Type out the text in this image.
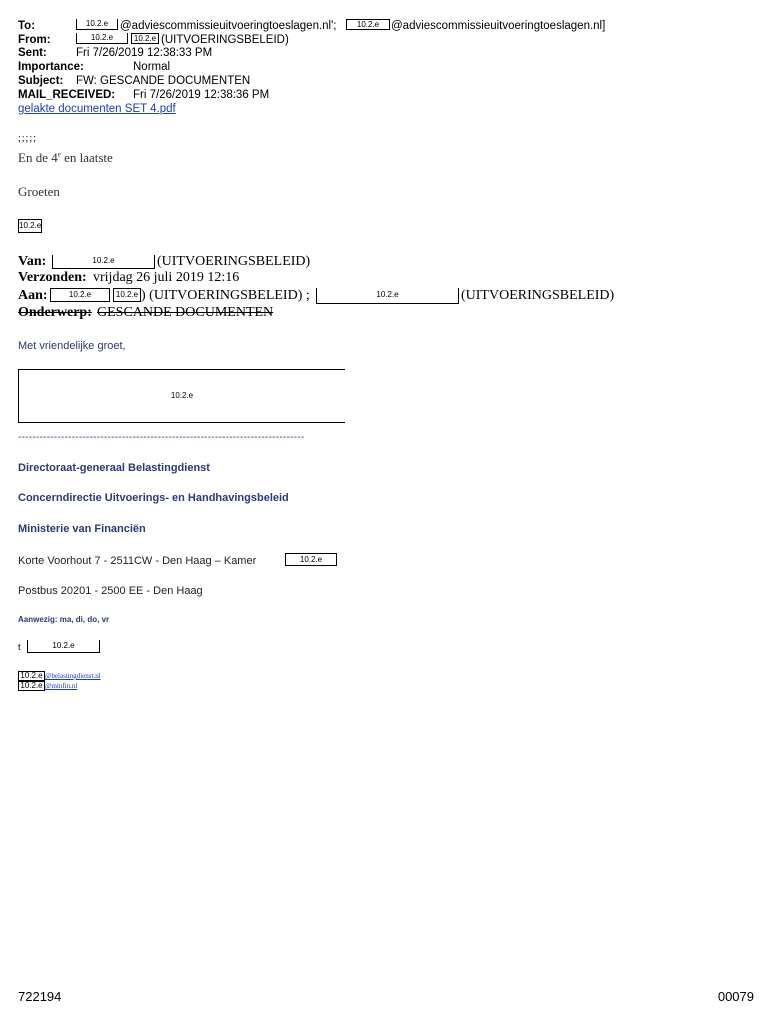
To:	10.2.e	@adviescommissieuitvoeringtoeslagen.nl';	10.2.e	@adviescommissieuitvoeringtoeslagen.nl]
From:	10.2.e	10.2.e (UITVOERINGSBELEID)
Sent:	Fri 7/26/2019 12:38:33 PM
Importance:	Normal
Subject: FW: GESCANDE DOCUMENTEN
MAIL_RECEIVED: Fri 7/26/2019 12:38:36 PM
gelakte documenten SET 4.pdf
;;;;;
En de 4e en laatste
Groeten
10.2.e
Van:	10.2.e	(UITVOERINGSBELEID)
Verzonden: vrijdag 26 juli 2019 12:16
Aan:	10.2.e	10.2.e ) (UITVOERINGSBELEID) ;	10.2.e	(UITVOERINGSBELEID)
Onderwerp: GESCANDE DOCUMENTEN
Met vriendelijke groet,
10.2.e
--------------------------------------------------------------------------------
Directoraat-generaal Belastingdienst
Concerndirectie Uitvoerings- en Handhavingsbeleid
Ministerie van Financiën
Korte Voorhout 7 - 2511CW - Den Haag – Kamer	10.2.e
Postbus 20201 - 2500 EE - Den Haag
Aanwezig: ma, di, do, vr
t	10.2.e
10.2.e @belastingdienst.nl
10.2.e @minfin.nl
722194	00079
